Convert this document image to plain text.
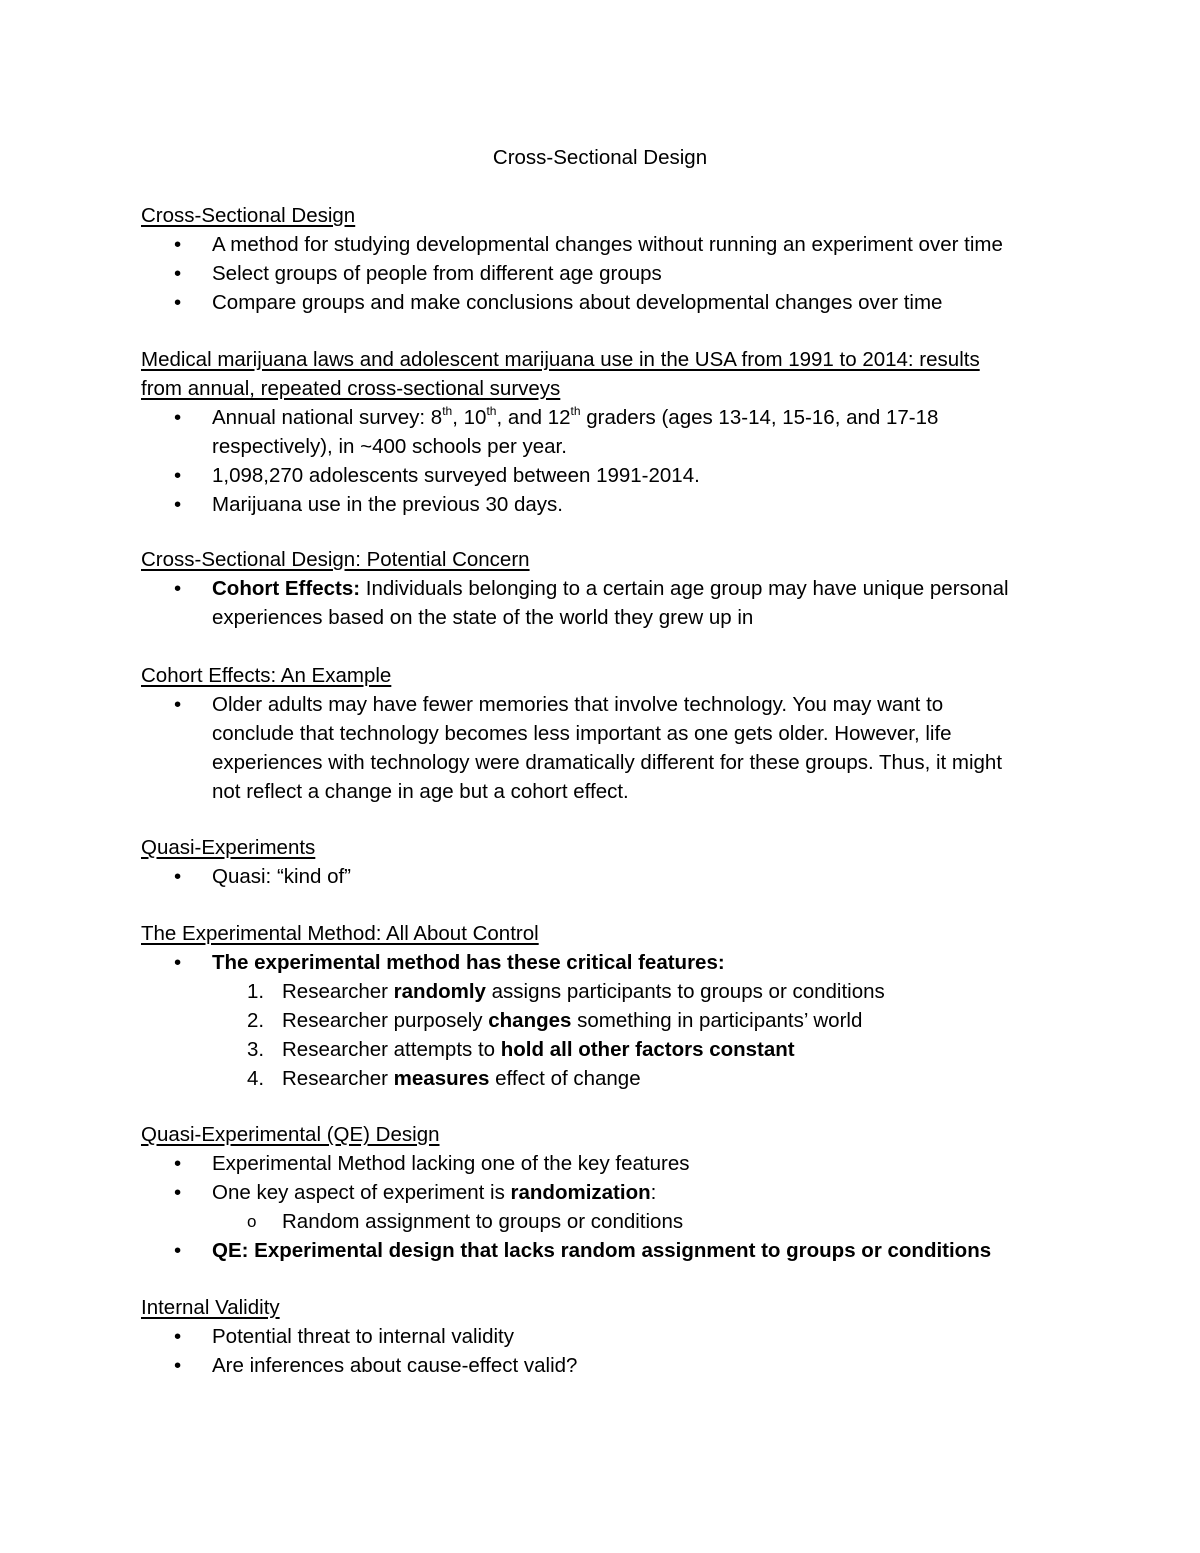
Cross-Sectional Design
Cross-Sectional Design
• A method for studying developmental changes without running an experiment over time
• Select groups of people from different age groups
• Compare groups and make conclusions about developmental changes over time
Medical marijuana laws and adolescent marijuana use in the USA from 1991 to 2014: results
from annual, repeated cross-sectional surveys
• Annual national survey: 8th, 10th, and 12th graders (ages 13-14, 15-16, and 17-18
respectively), in ~400 schools per year.
• 1,098,270 adolescents surveyed between 1991-2014.
• Marijuana use in the previous 30 days.
Cross-Sectional Design: Potential Concern
• Cohort Effects: Individuals belonging to a certain age group may have unique personal
experiences based on the state of the world they grew up in
Cohort Effects: An Example
• Older adults may have fewer memories that involve technology. You may want to
conclude that technology becomes less important as one gets older. However, life
experiences with technology were dramatically different for these groups. Thus, it might
not reflect a change in age but a cohort effect.
Quasi-Experiments
• Quasi: “kind of”
The Experimental Method: All About Control
• The experimental method has these critical features:
1. Researcher randomly assigns participants to groups or conditions
2. Researcher purposely changes something in participants’ world
3. Researcher attempts to hold all other factors constant
4. Researcher measures effect of change
Quasi-Experimental (QE) Design
• Experimental Method lacking one of the key features
• One key aspect of experiment is randomization:
o Random assignment to groups or conditions
• QE: Experimental design that lacks random assignment to groups or conditions
Internal Validity
• Potential threat to internal validity
• Are inferences about cause-effect valid?
